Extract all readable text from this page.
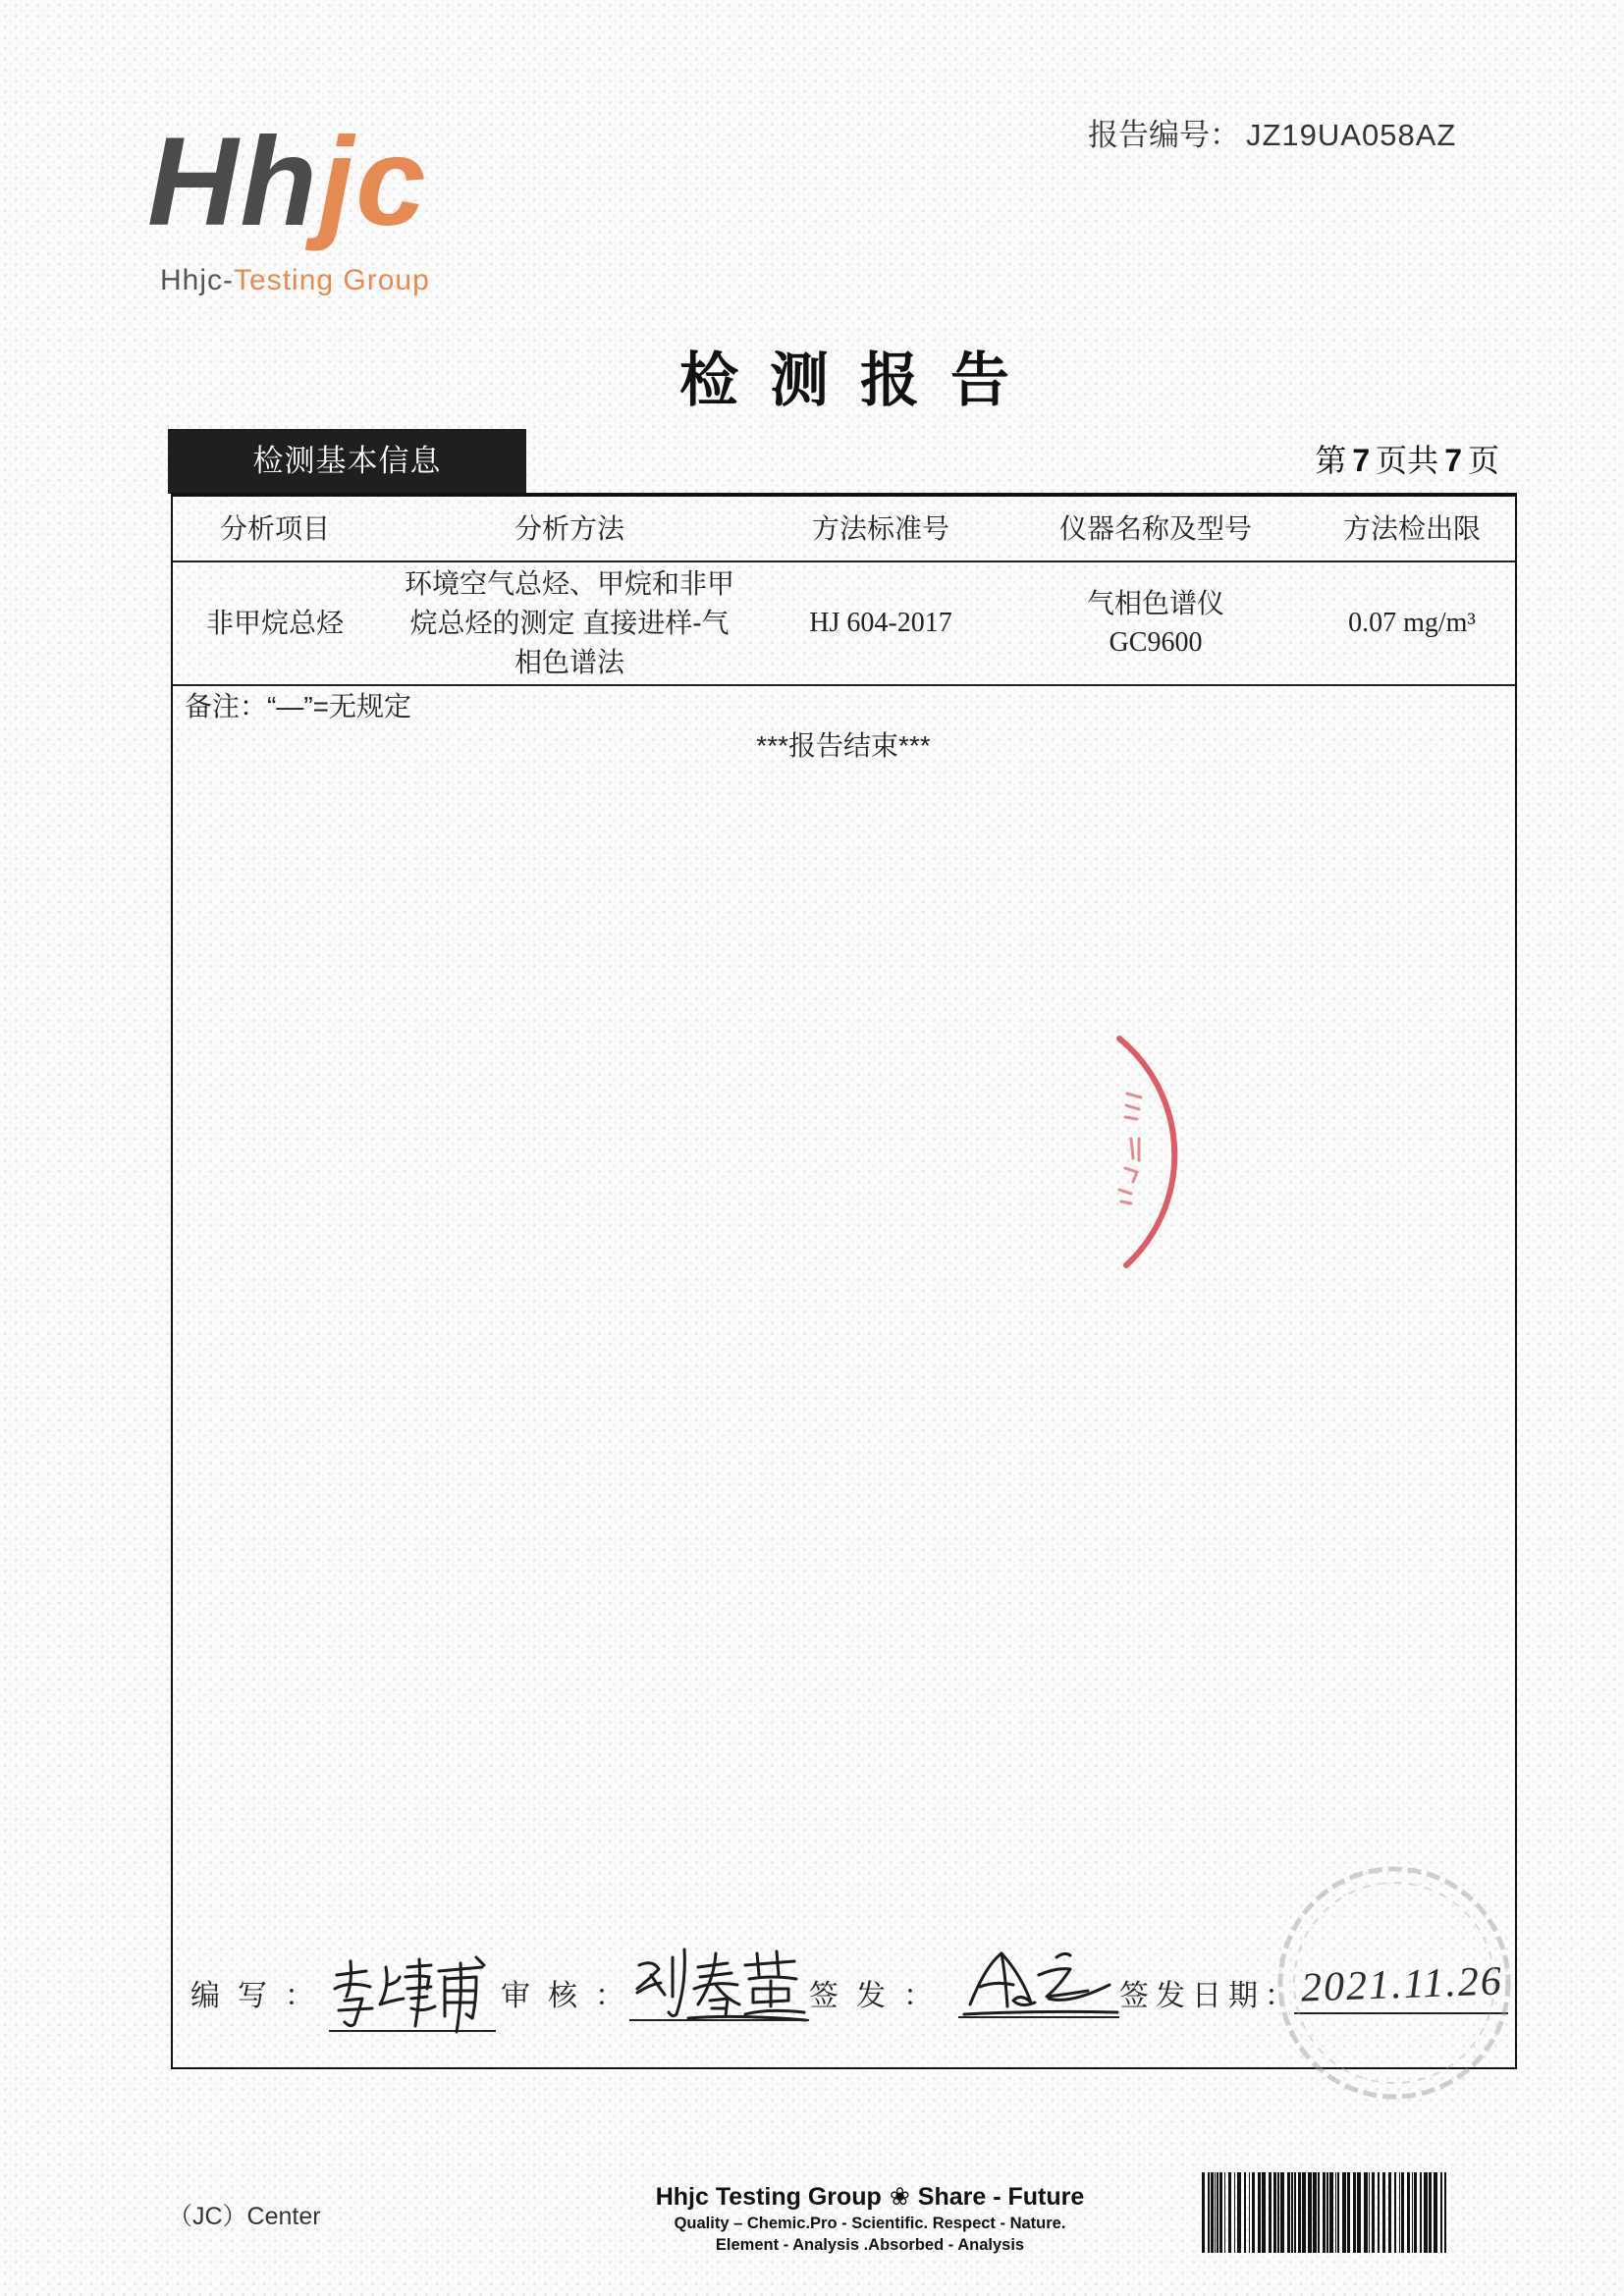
报告编号： JZ19UA058AZ
Hhjc
Hhjc-Testing Group
检测报告
检测基本信息	第 7 页共 7 页
分析项目	分析方法	方法标准号	仪器名称及型号	方法检出限
非甲烷总烃
环境空气总烃、甲烷和非甲
烷总烃的测定 直接进样-气
相色谱法
HJ 604-2017
气相色谱仪
GC9600
0.07 mg/m³
备注：“—”=无规定
***报告结束***
编写：	审核：	签发：	签发日期： 2021.11.26
（JC）Center
Hhjc Testing Group❀ Share - Future
Quality – Chemic.Pro - Scientific. Respect - Nature.
Element - Analysis .Absorbed - Analysis
